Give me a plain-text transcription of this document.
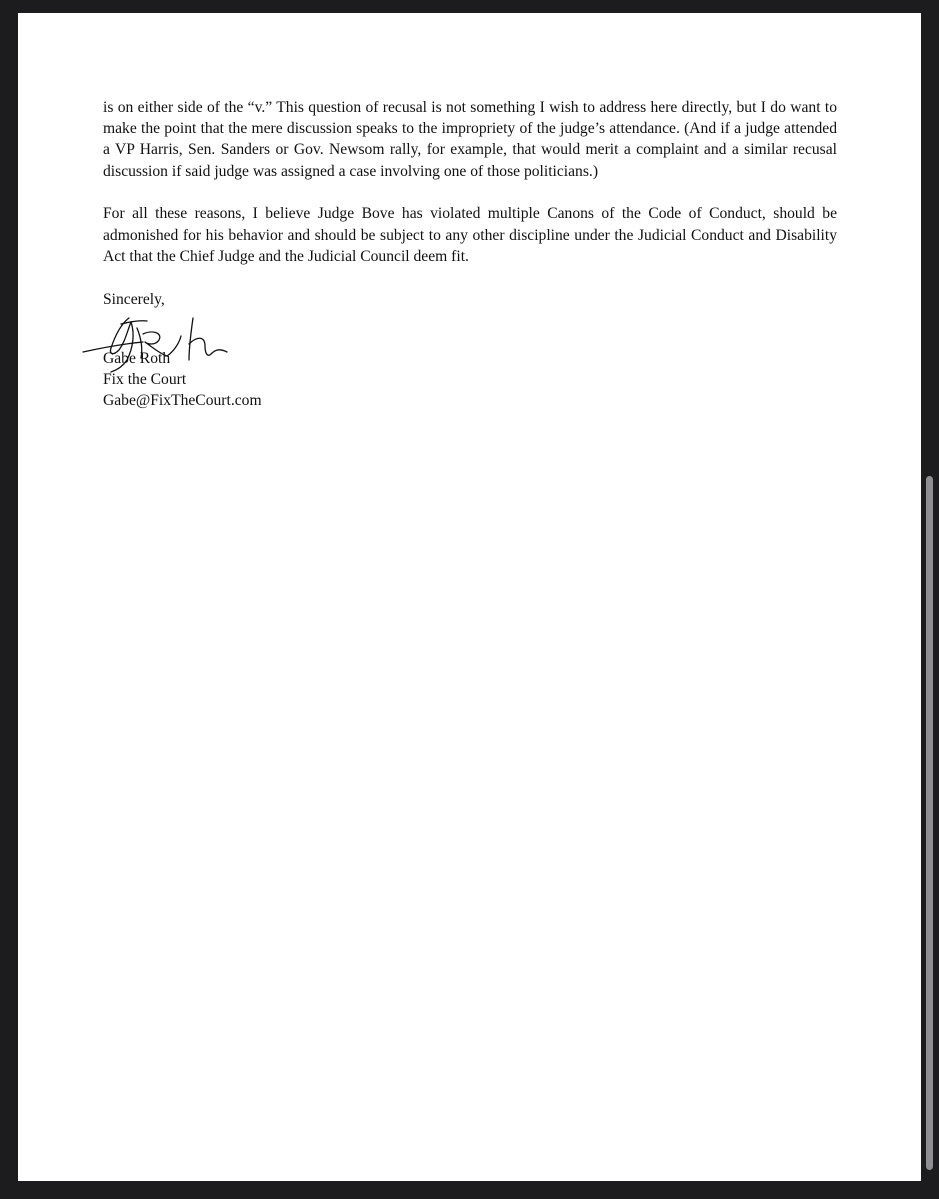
is on either side of the “v.” This question of recusal is not something I wish to address here directly, but I do want to make the point that the mere discussion speaks to the impropriety of the judge’s attendance. (And if a judge attended a VP Harris, Sen. Sanders or Gov. Newsom rally, for example, that would merit a complaint and a similar recusal discussion if said judge was assigned a case involving one of those politicians.)

For all these reasons, I believe Judge Bove has violated multiple Canons of the Code of Conduct, should be admonished for his behavior and should be subject to any other discipline under the Judicial Conduct and Disability Act that the Chief Judge and the Judicial Council deem fit.

Sincerely,

Gabe Roth
Fix the Court
Gabe@FixTheCourt.com
